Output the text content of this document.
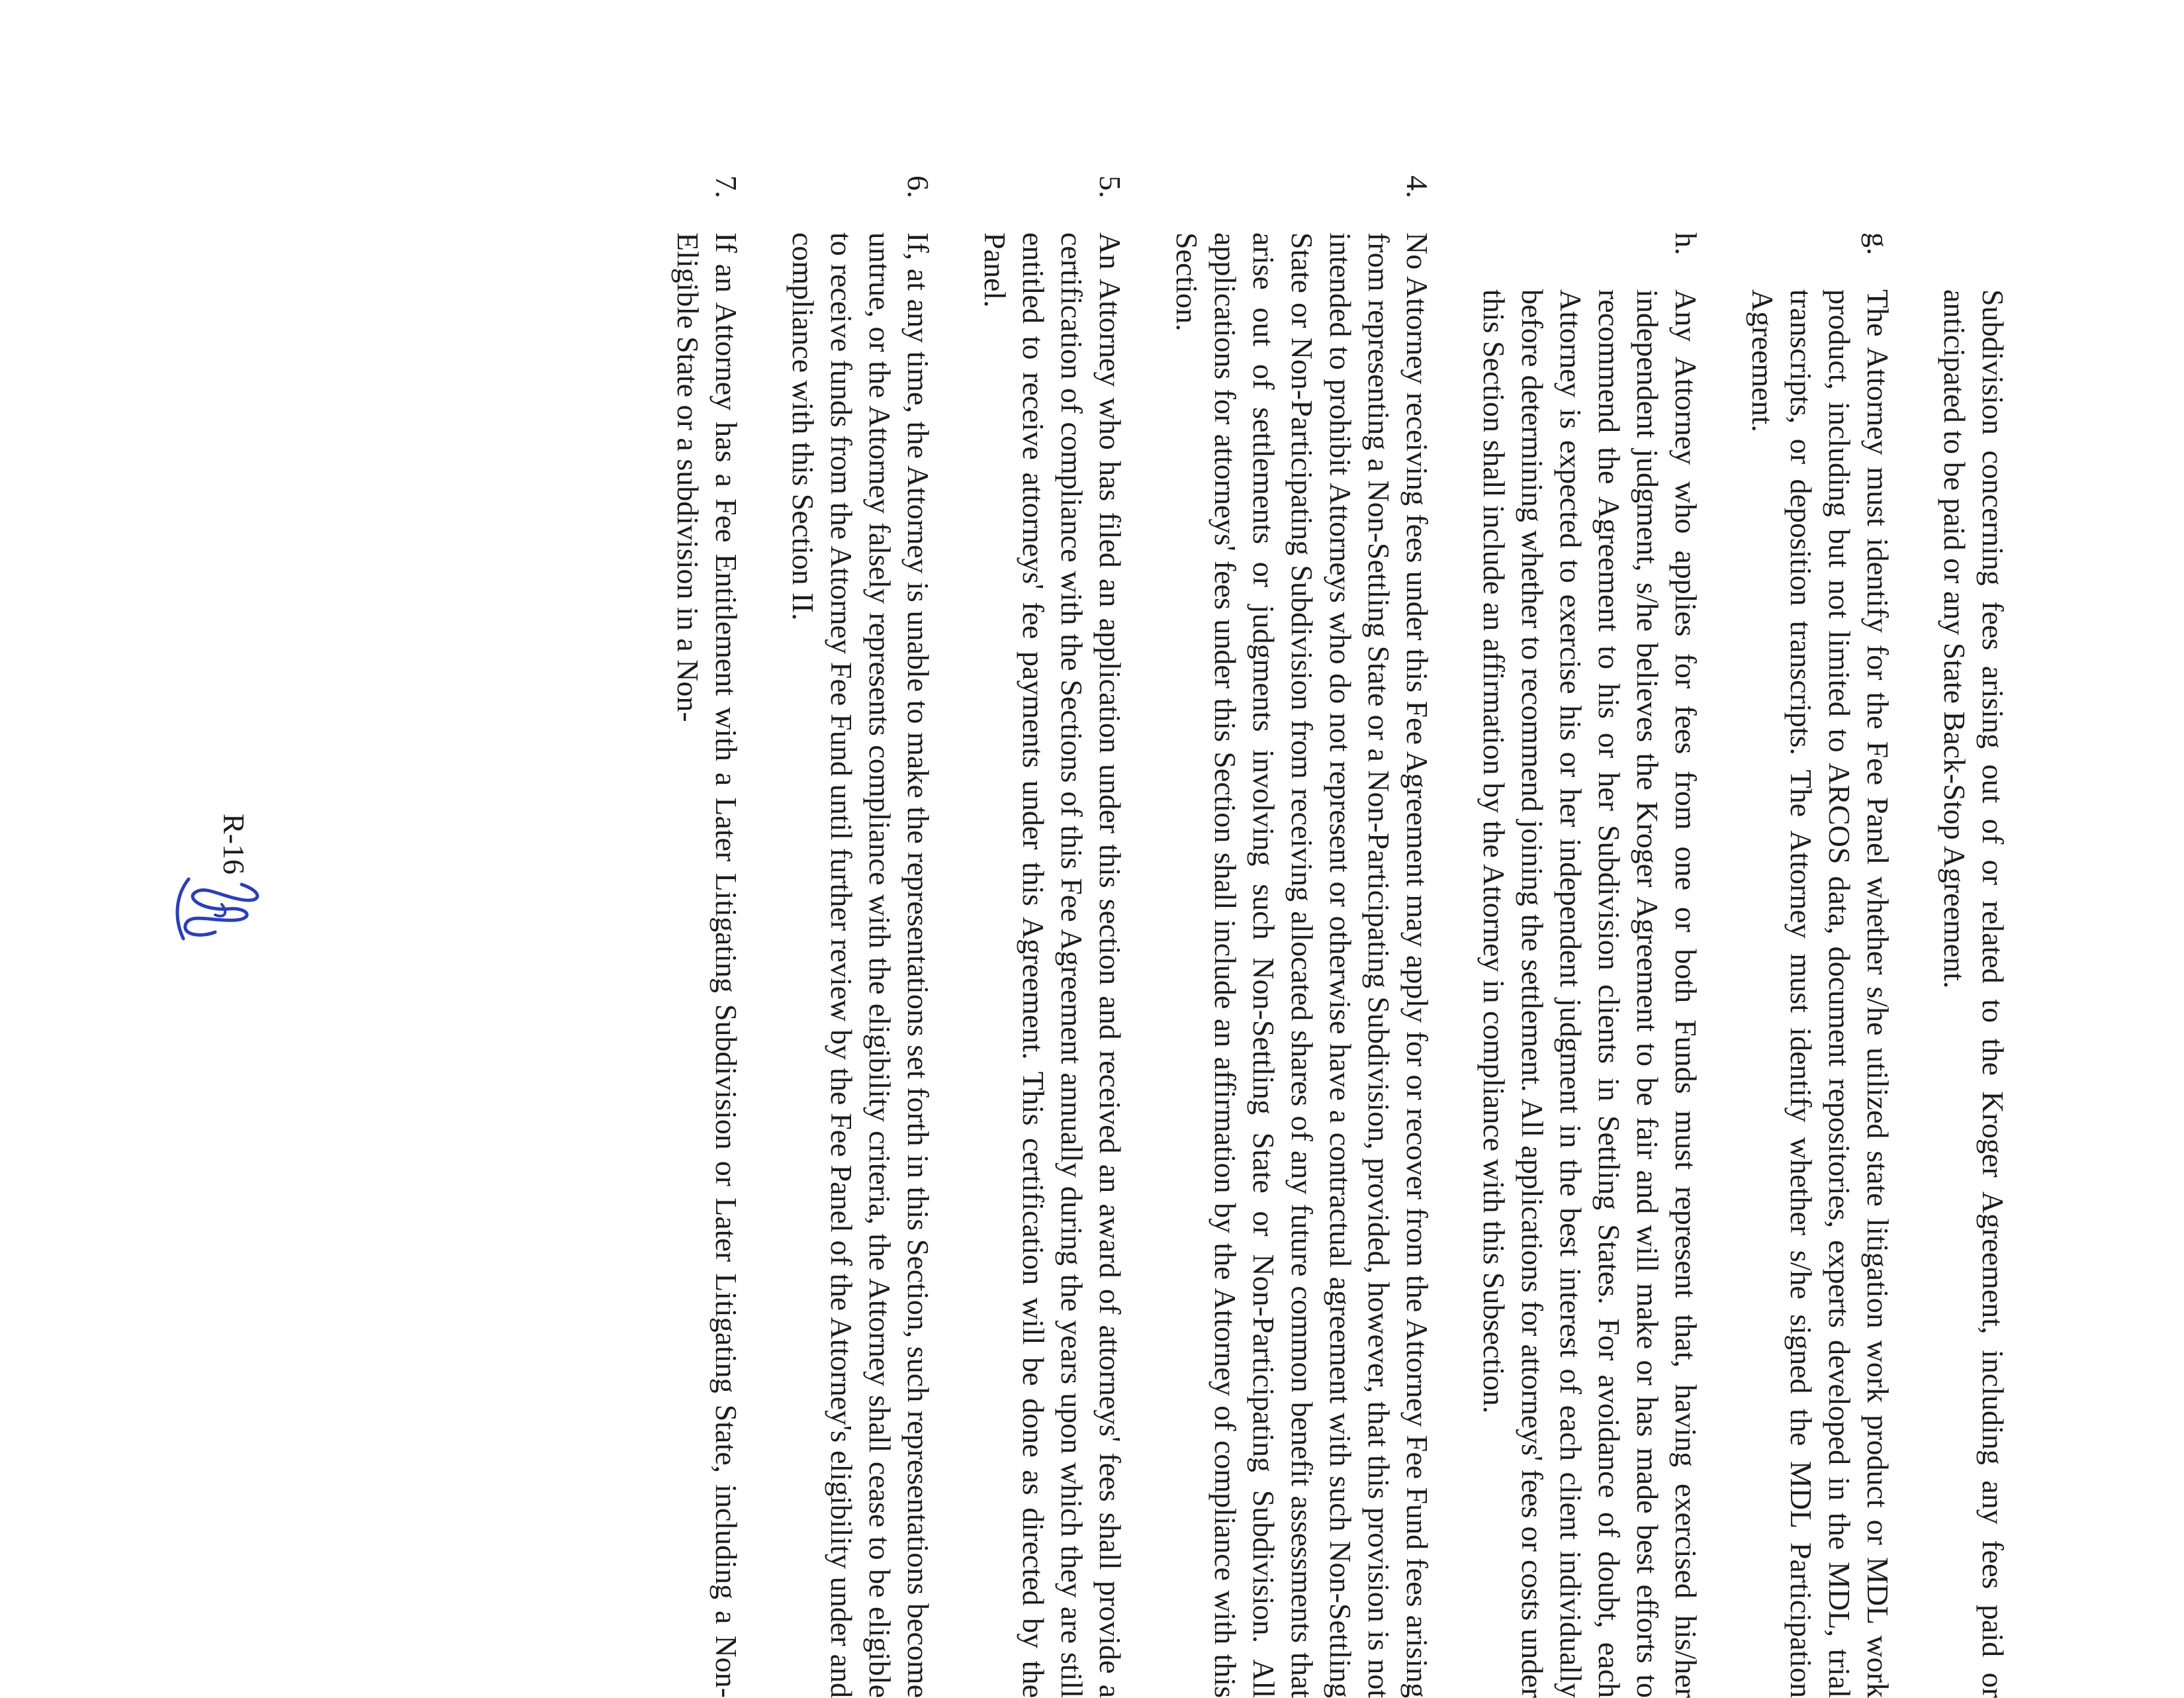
Subdivision concerning fees arising out of or related to the Kroger Agreement, including any fees paid or anticipated to be paid or any State Back-Stop Agreement.
g.
The Attorney must identify for the Fee Panel whether s/he utilized state litigation work product or MDL work product, including but not limited to ARCOS data, document repositories, experts developed in the MDL, trial transcripts, or deposition transcripts. The Attorney must identify whether s/he signed the MDL Participation Agreement.
h.
Any Attorney who applies for fees from one or both Funds must represent that, having exercised his/her independent judgment, s/he believes the Kroger Agreement to be fair and will make or has made best efforts to recommend the Agreement to his or her Subdivision clients in Settling States. For avoidance of doubt, each Attorney is expected to exercise his or her independent judgment in the best interest of each client individually before determining whether to recommend joining the settlement. All applications for attorneys' fees or costs under this Section shall include an affirmation by the Attorney in compliance with this Subsection.
4.
No Attorney receiving fees under this Fee Agreement may apply for or recover from the Attorney Fee Fund fees arising from representing a Non-Settling State or a Non-Participating Subdivision, provided, however, that this provision is not intended to prohibit Attorneys who do not represent or otherwise have a contractual agreement with such Non-Settling State or Non-Participating Subdivision from receiving allocated shares of any future common benefit assessments that arise out of settlements or judgments involving such Non-Settling State or Non-Participating Subdivision. All applications for attorneys' fees under this Section shall include an affirmation by the Attorney of compliance with this Section.
5.
An Attorney who has filed an application under this section and received an award of attorneys' fees shall provide a certification of compliance with the Sections of this Fee Agreement annually during the years upon which they are still entitled to receive attorneys' fee payments under this Agreement. This certification will be done as directed by the Panel.
6.
If, at any time, the Attorney is unable to make the representations set forth in this Section, such representations become untrue, or the Attorney falsely represents compliance with the eligibility criteria, the Attorney shall cease to be eligible to receive funds from the Attorney Fee Fund until further review by the Fee Panel of the Attorney's eligibility under and compliance with this Section II.
7.
If an Attorney has a Fee Entitlement with a Later Litigating Subdivision or Later Litigating State, including a Non-Eligible State or a subdivision in a Non-
R-16
